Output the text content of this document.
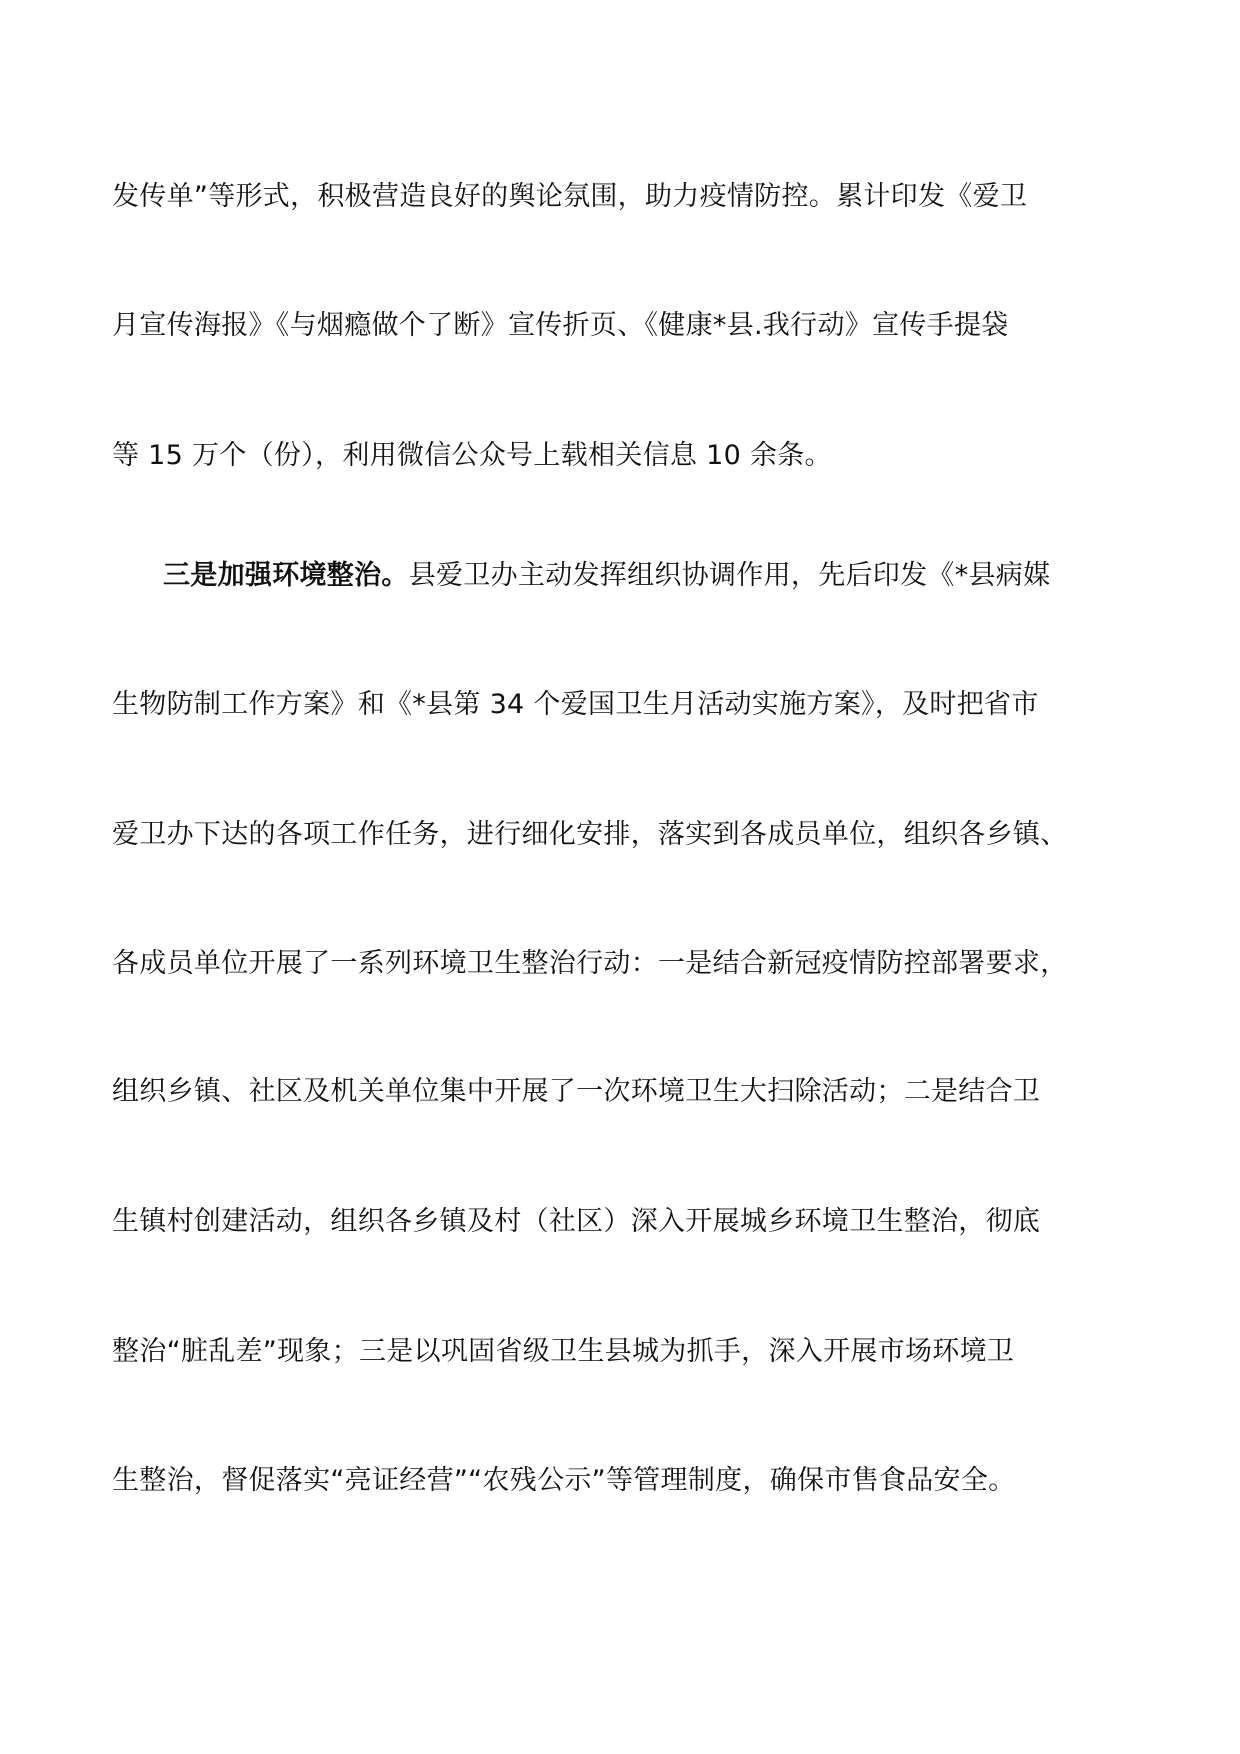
发传单”等形式，积极营造良好的舆论氛围，助力疫情防控。累计印发《爱卫
月宣传海报》《与烟瘾做个了断》宣传折页、《健康*县.我行动》宣传手提袋
等 15 万个（份），利用微信公众号上载相关信息 10 余条。
三是加强环境整治。县爱卫办主动发挥组织协调作用，先后印发《*县病媒
生物防制工作方案》和《*县第 34 个爱国卫生月活动实施方案》，及时把省市
爱卫办下达的各项工作任务，进行细化安排，落实到各成员单位，组织各乡镇、
各成员单位开展了一系列环境卫生整治行动：一是结合新冠疫情防控部署要求，
组织乡镇、社区及机关单位集中开展了一次环境卫生大扫除活动；二是结合卫
生镇村创建活动，组织各乡镇及村（社区）深入开展城乡环境卫生整治，彻底
整治“脏乱差”现象；三是以巩固省级卫生县城为抓手，深入开展市场环境卫
生整治，督促落实“亮证经营”“农残公示”等管理制度，确保市售食品安全。
